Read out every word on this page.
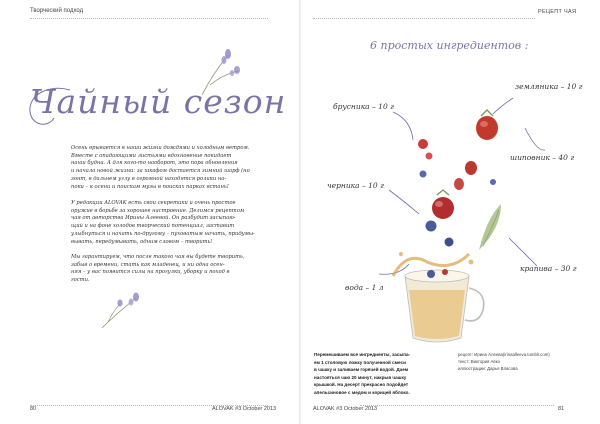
Творческий подход
Чайный сезон

Осень врывается в наши жизни дождями и холодным ветром.
Вместе с опадающими листьями вдохновение покидает
наши будни. А для кого-то наоборот, это пора обновления
и начала новой жизни: за шкафом достается зимний шарф (но
зонт, в дальнем углу в огромной находятся ролики на-
поки – к осени и поискам музы в поисках парках встань!

У редакции ALOVAK есть свои секретики и очень простое
оружие в борьбе за хорошее настроение. Делимся рецептом
чая от авторства Ирины Алеевой. Он разбудит засыпаю-
щий и на фоне холодов творческий потенциал, заставит
улыбнуться и начать по-другому – пуховатым начать, придумы-
вывать, передумывать, одним словом – творить!

Мы гарантируем, что после такого чая вы будете творить,
забыв о времени, стать как младенец, и ни одна осен-
няя – у вас появится силы на прогулки, уборку и поход в
гости.

80	ALOVAK #3 October 2013
РЕЦЕПТ ЧАЯ
6 простых ингредиентов :
брусника – 10 г
земляника – 10 г
шиповник – 40 г
черника – 10 г
крапива – 30 г
вода – 1 л

Перемешиваем все ингредиенты, засыпа-
ем 1 столовую ложку полученной смеси
в чашку и заливаем горячей водой. Даем
настояться чаю 20 минут, накрыв чашку
крышкой. На десерт прекрасно подойдет
апельсиновое с медом и корицей яблоко.

рецепт: Ирина Алеевa(irinaalleeva.tumblr.com)
текст: Виктория Авко
иллюстрации: Дарья Власова
ALOVAK #3 October 2013	81
